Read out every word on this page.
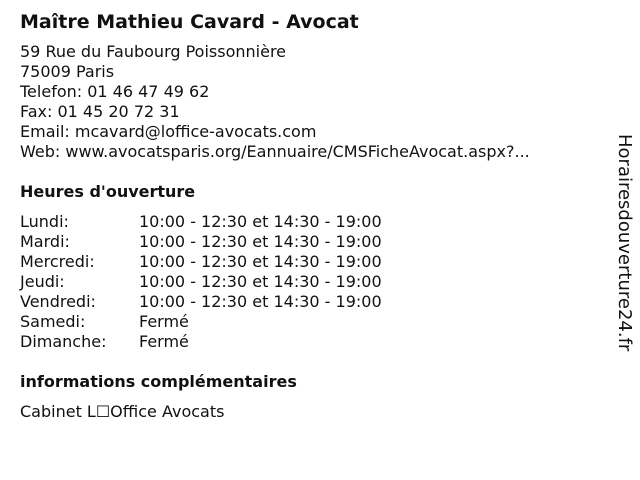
Maître Mathieu Cavard - Avocat
59 Rue du Faubourg Poissonnière
75009 Paris
Telefon: 01 46 47 49 62
Fax: 01 45 20 72 31
Email: mcavard@loffice-avocats.com
Web: www.avocatsparis.org/Eannuaire/CMSFicheAvocat.aspx?...
Heures d'ouverture
Lundi:	10:00 - 12:30 et 14:30 - 19:00
Mardi:	10:00 - 12:30 et 14:30 - 19:00
Mercredi:	10:00 - 12:30 et 14:30 - 19:00
Jeudi:	10:00 - 12:30 et 14:30 - 19:00
Vendredi:	10:00 - 12:30 et 14:30 - 19:00
Samedi:	Fermé
Dimanche:	Fermé
informations complémentaires
Cabinet L☐Office Avocats
Horairesdouverture24.fr
